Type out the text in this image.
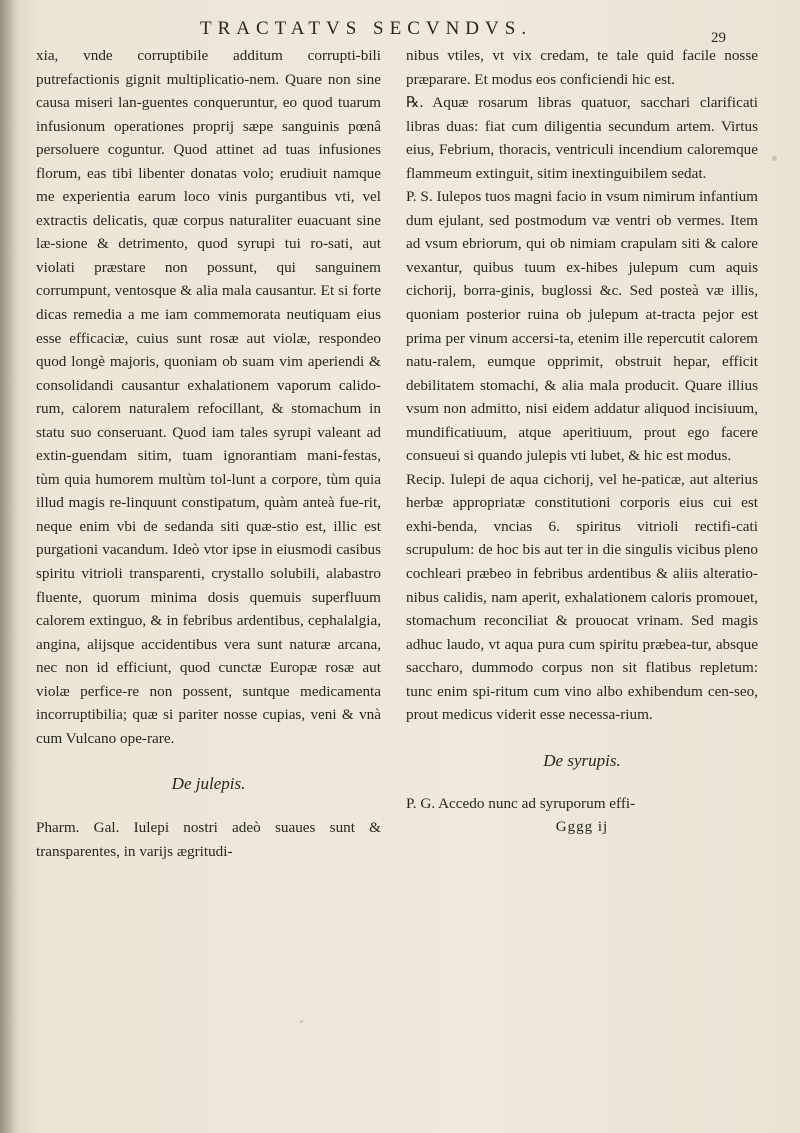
TRACTATVS SECVNDVS.	29

xia, vnde corruptibile additum corrupti-bili putrefactionis gignit multiplicatio-nem. Quare non sine causa miseri lan-guentes conqueruntur, eo quod tuarum infusionum operationes proprij sæpe sanguinis pœnâ persoluere coguntur. Quod attinet ad tuas infusiones florum, eas tibi libenter donatas volo; erudiuit namque me experientia earum loco vinis purgantibus vti, vel extractis delicatis, quæ corpus naturaliter euacuant sine læ-sione & detrimento, quod syrupi tui ro-sati, aut violati præstare non possunt, qui sanguinem corrumpunt, ventosque & alia mala causantur. Et si forte dicas remedia a me iam commemorata neutiquam eius esse efficaciæ, cuius sunt rosæ aut violæ, respondeo quod longè majoris, quoniam ob suam vim aperiendi & consolidandi causantur exhalationem vaporum calido-rum, calorem naturalem refocillant, & stomachum in statu suo conseruant. Quod iam tales syrupi valeant ad extin-guendam sitim, tuam ignorantiam mani-festas, tùm quia humorem multùm tol-lunt a corpore, tùm quia illud magis re-linquunt constipatum, quàm anteà fue-rit, neque enim vbi de sedanda siti quæ-stio est, illic est purgationi vacandum. Ideò vtor ipse in eiusmodi casibus spiritu vitrioli transparenti, crystallo solubili, alabastro fluente, quorum minima dosis quemuis superfluum calorem extinguo, & in febribus ardentibus, cephalalgia, angina, alijsque accidentibus vera sunt naturæ arcana, nec non id efficiunt, quod cunctæ Europæ rosæ aut violæ perfice-re non possent, suntque medicamenta incorruptibilia; quæ si pariter nosse cupias, veni & vnà cum Vulcano ope-rare.

De julepis.

Pharm. Gal. Iulepi nostri adeò suaues sunt & transparentes, in varijs ægritudi-

nibus vtiles, vt vix credam, te tale quid facile nosse præparare. Et modus eos conficiendi hic est.

℞. Aquæ rosarum libras quatuor, sacchari clarificati libras duas: fiat cum diligentia secundum artem. Virtus eius, Febrium, thoracis, ventriculi incendium caloremque flammeum extinguit, sitim inextinguibilem sedat.

P. S. Iulepos tuos magni facio in vsum nimirum infantium dum ejulant, sed postmodum væ ventri ob vermes. Item ad vsum ebriorum, qui ob nimiam crapulam siti & calore vexantur, quibus tuum ex-hibes julepum cum aquis cichorij, borra-ginis, buglossi &c. Sed posteà væ illis, quoniam posterior ruina ob julepum at-tracta pejor est prima per vinum accersi-ta, etenim ille repercutit calorem natu-ralem, eumque opprimit, obstruit hepar, efficit debilitatem stomachi, & alia mala producit. Quare illius vsum non admitto, nisi eidem addatur aliquod incisiuum, mundificatiuum, atque aperitiuum, prout ego facere consueui si quando julepis vti lubet, & hic est modus.

Recip. Iulepi de aqua cichorij, vel he-paticæ, aut alterius herbæ appropriatæ constitutioni corporis eius cui est exhi-benda, vncias 6. spiritus vitrioli rectifi-cati scrupulum: de hoc bis aut ter in die singulis vicibus pleno cochleari præbeo in febribus ardentibus & aliis alteratio-nibus calidis, nam aperit, exhalationem caloris promouet, stomachum reconciliat & prouocat vrinam. Sed magis adhuc laudo, vt aqua pura cum spiritu præbea-tur, absque saccharo, dummodo corpus non sit flatibus repletum: tunc enim spi-ritum cum vino albo exhibendum cen-seo, prout medicus viderit esse necessa-rium.

De syrupis.

P. G. Accedo nunc ad syruporum effi-

Gggg ij
